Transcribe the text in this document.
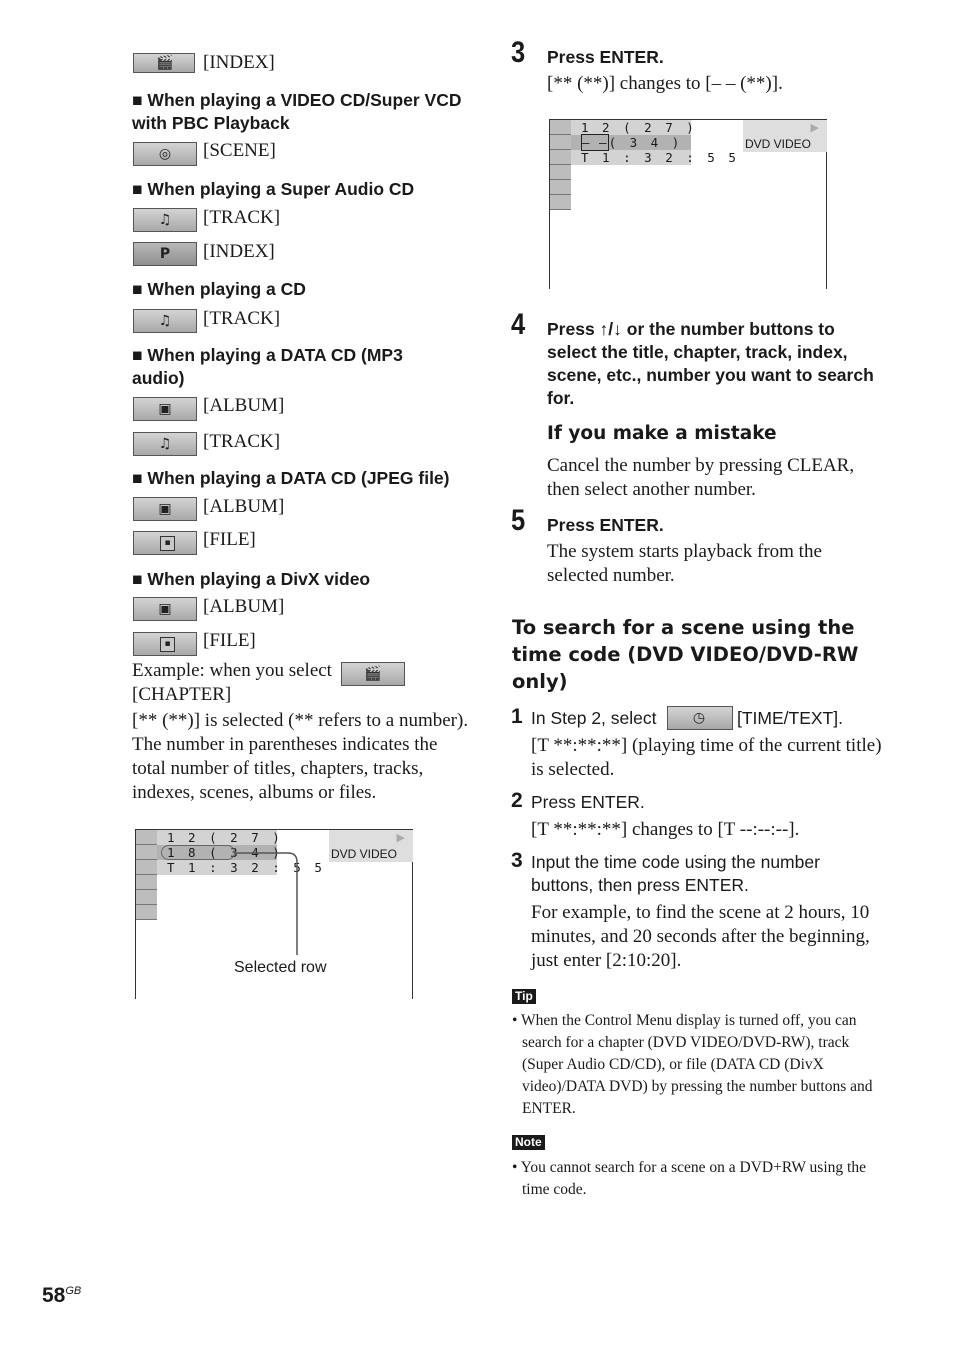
🎬 [INDEX]
■ When playing a VIDEO CD/Super VCD with PBC Playback
◎ [SCENE]
■ When playing a Super Audio CD
♫ [TRACK]
P [INDEX]
■ When playing a CD
♫ [TRACK]
■ When playing a DATA CD (MP3 audio)
▣ [ALBUM]
♫ [TRACK]
■ When playing a DATA CD (JPEG file)
▣ [ALBUM]
▪ [FILE]
■ When playing a DivX video
▣ [ALBUM]
▪ [FILE]
Example: when you select 🎬
[CHAPTER]
[** (**)] is selected (** refers to a number). The number in parentheses indicates the total number of titles, chapters, tracks, indexes, scenes, albums or files.
1 2 ( 2 7 )
1 8 ( 3 4 )
T 1 : 3 2 : 5 5
▶
DVD VIDEO
Selected row
3 Press ENTER.
[** (**)] changes to [– – (**)].
1 2 ( 2 7 )
– –( 3 4 )
T 1 : 3 2 : 5 5
▶
DVD VIDEO
4 Press ↑/↓ or the number buttons to select the title, chapter, track, index, scene, etc., number you want to search for.
If you make a mistake
Cancel the number by pressing CLEAR, then select another number.
5 Press ENTER.
The system starts playback from the selected number.
To search for a scene using the time code (DVD VIDEO/DVD-RW only)
1 In Step 2, select	◷ [TIME/TEXT].
[T **:**:**] (playing time of the current title) is selected.
2 Press ENTER.
[T **:**:**] changes to [T --:--:--].
3 Input the time code using the number buttons, then press ENTER.
For example, to find the scene at 2 hours, 10 minutes, and 20 seconds after the beginning, just enter [2:10:20].
Tip
• When the Control Menu display is turned off, you can search for a chapter (DVD VIDEO/DVD-RW), track (Super Audio CD/CD), or file (DATA CD (DivX video)/DATA DVD) by pressing the number buttons and ENTER.
Note
• You cannot search for a scene on a DVD+RW using the time code.
$58^{GB}$
